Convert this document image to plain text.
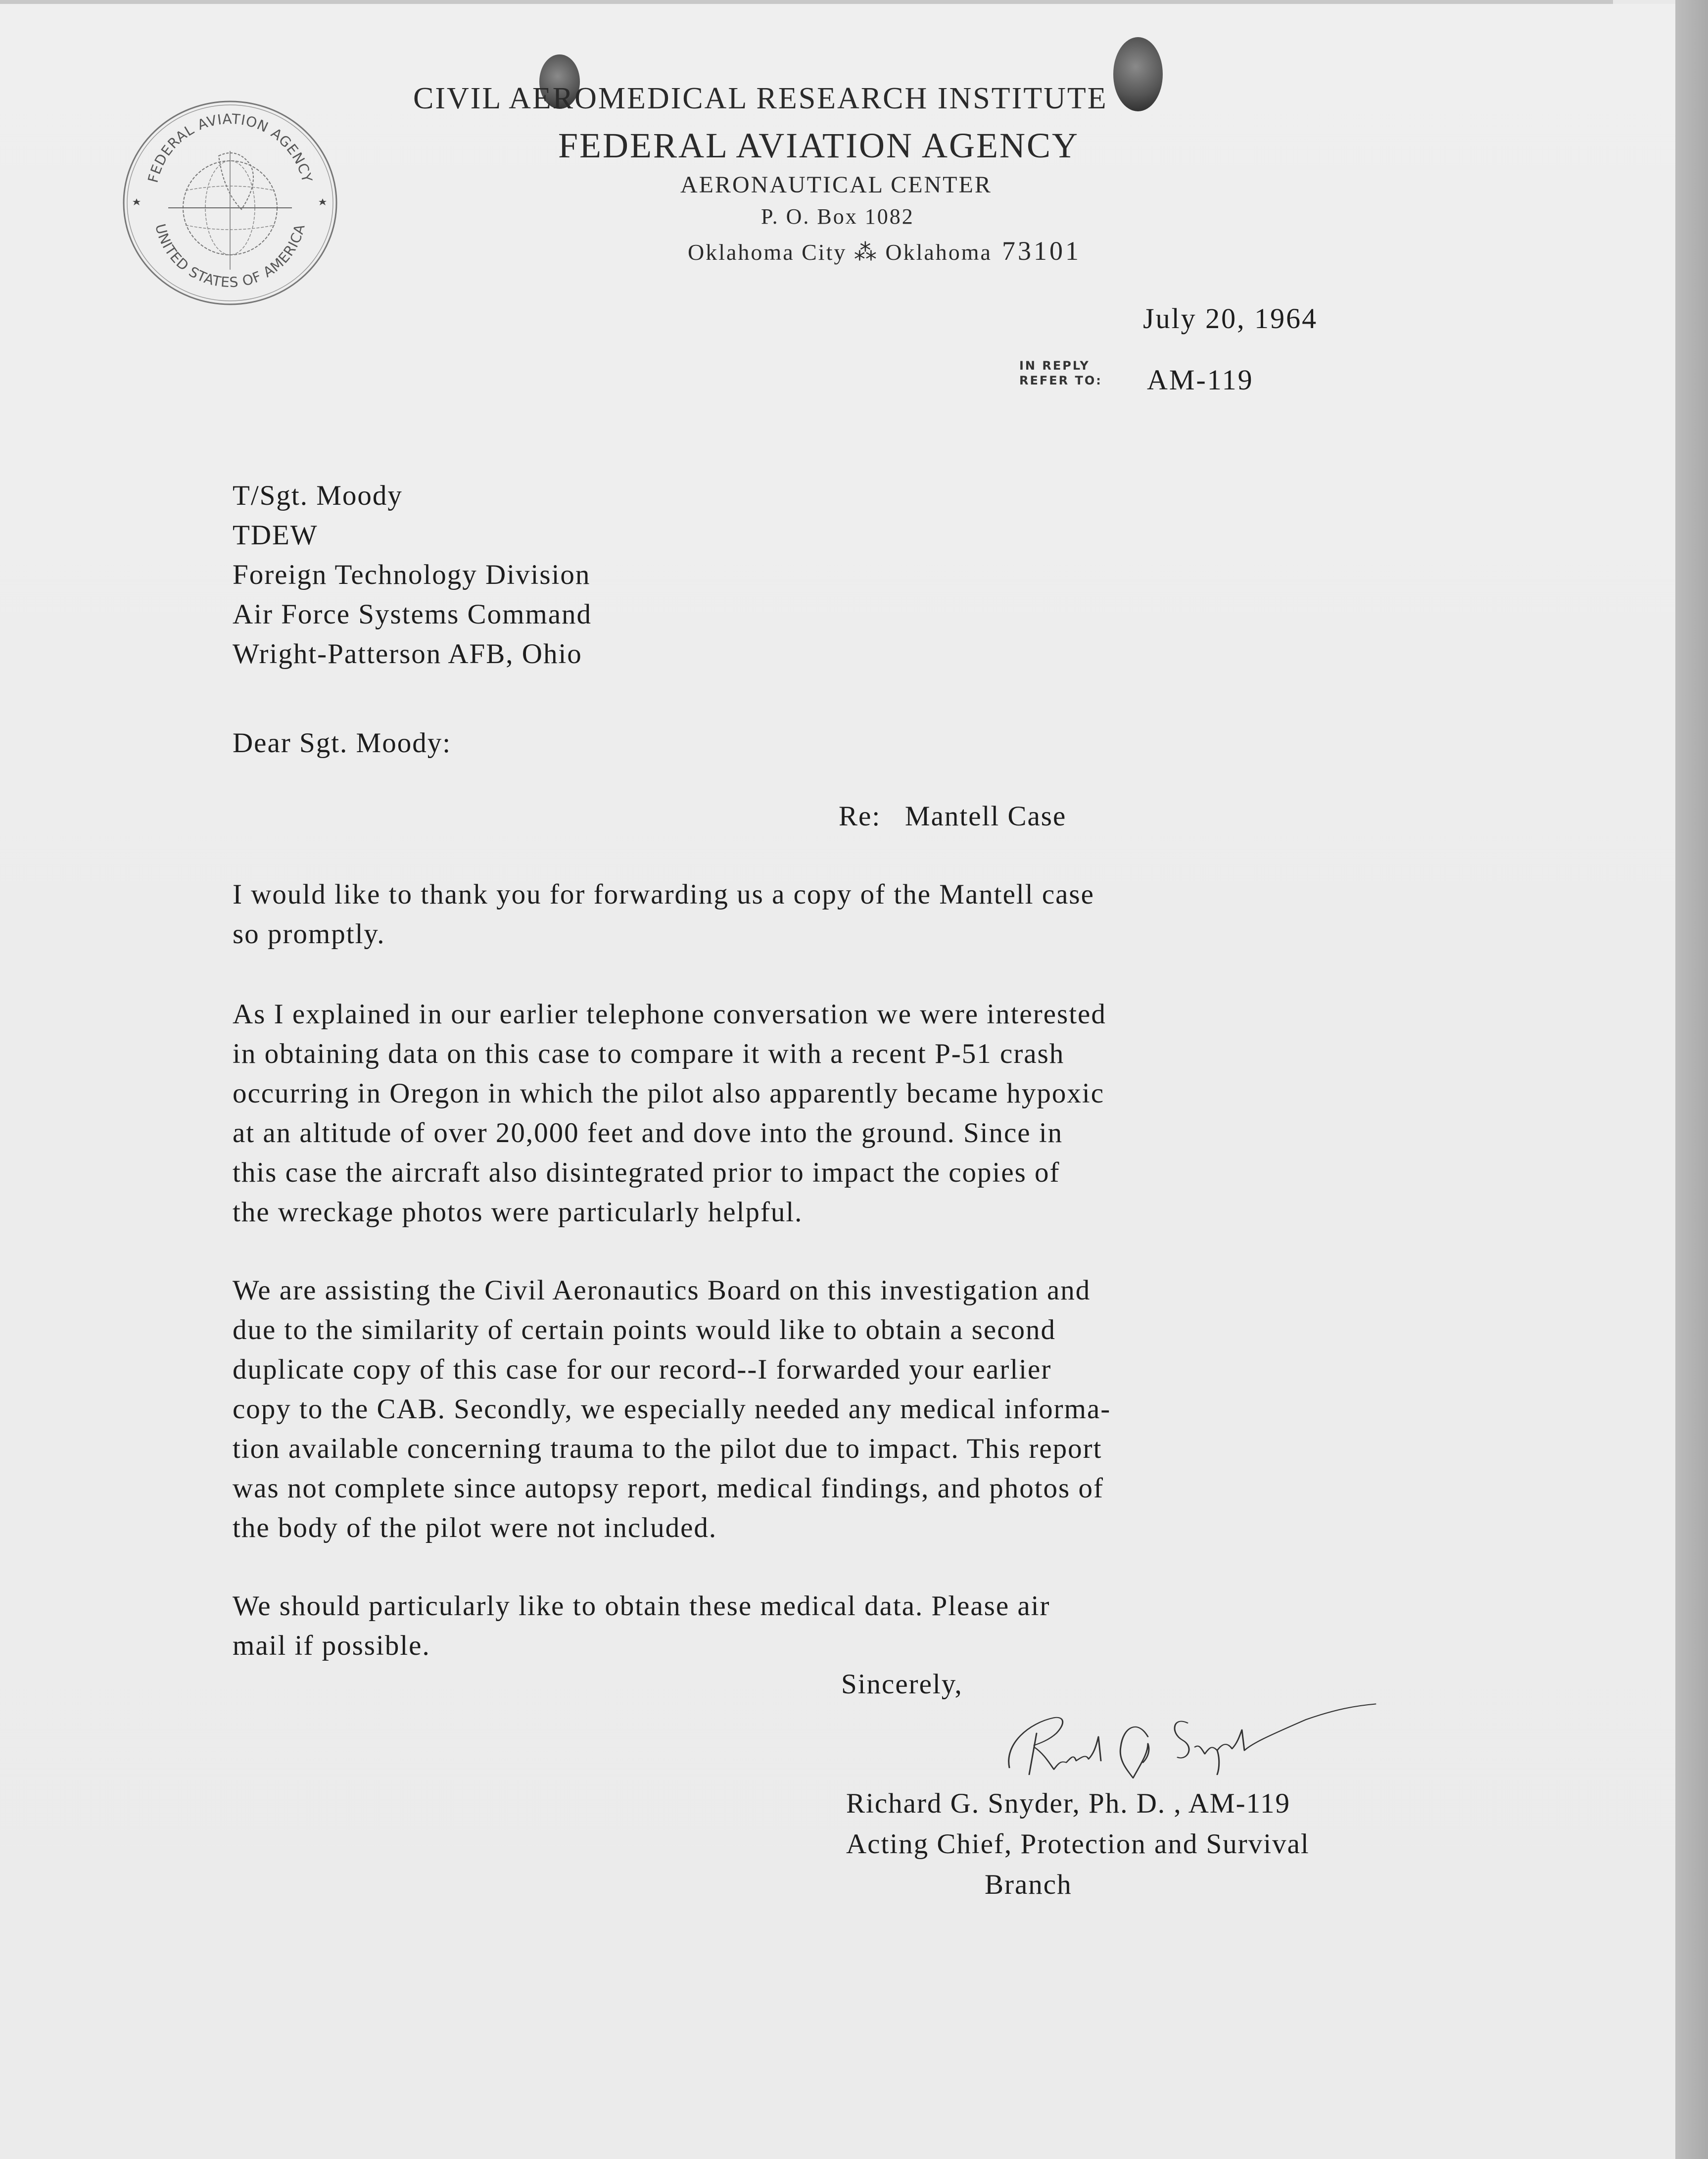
FEDERAL AVIATION AGENCY
UNITED STATES OF AMERICA
CIVIL AEROMEDICAL RESEARCH INSTITUTE
FEDERAL AVIATION AGENCY
AERONAUTICAL CENTER
P. O. Box 1082
Oklahoma City ⁂ Oklahoma 73101
July 20, 1964
IN REPLY
REFER TO: AM-119
T/Sgt. Moody
TDEW
Foreign Technology Division
Air Force Systems Command
Wright-Patterson AFB, Ohio
Dear Sgt. Moody:
Re:   Mantell Case
I would like to thank you for forwarding us a copy of the Mantell case
so promptly.
As I explained in our earlier telephone conversation we were interested
in obtaining data on this case to compare it with a recent P-51 crash
occurring in Oregon in which the pilot also apparently became hypoxic
at an altitude of over 20,000 feet and dove into the ground. Since in
this case the aircraft also disintegrated prior to impact the copies of
the wreckage photos were particularly helpful.
We are assisting the Civil Aeronautics Board on this investigation and
due to the similarity of certain points would like to obtain a second
duplicate copy of this case for our record--I forwarded your earlier
copy to the CAB. Secondly, we especially needed any medical informa-
tion available concerning trauma to the pilot due to impact. This report
was not complete since autopsy report, medical findings, and photos of
the body of the pilot were not included.
We should particularly like to obtain these medical data. Please air
mail if possible.
Sincerely,
Richard G. Snyder, Ph. D. , AM-119
Acting Chief, Protection and Survival
Branch
